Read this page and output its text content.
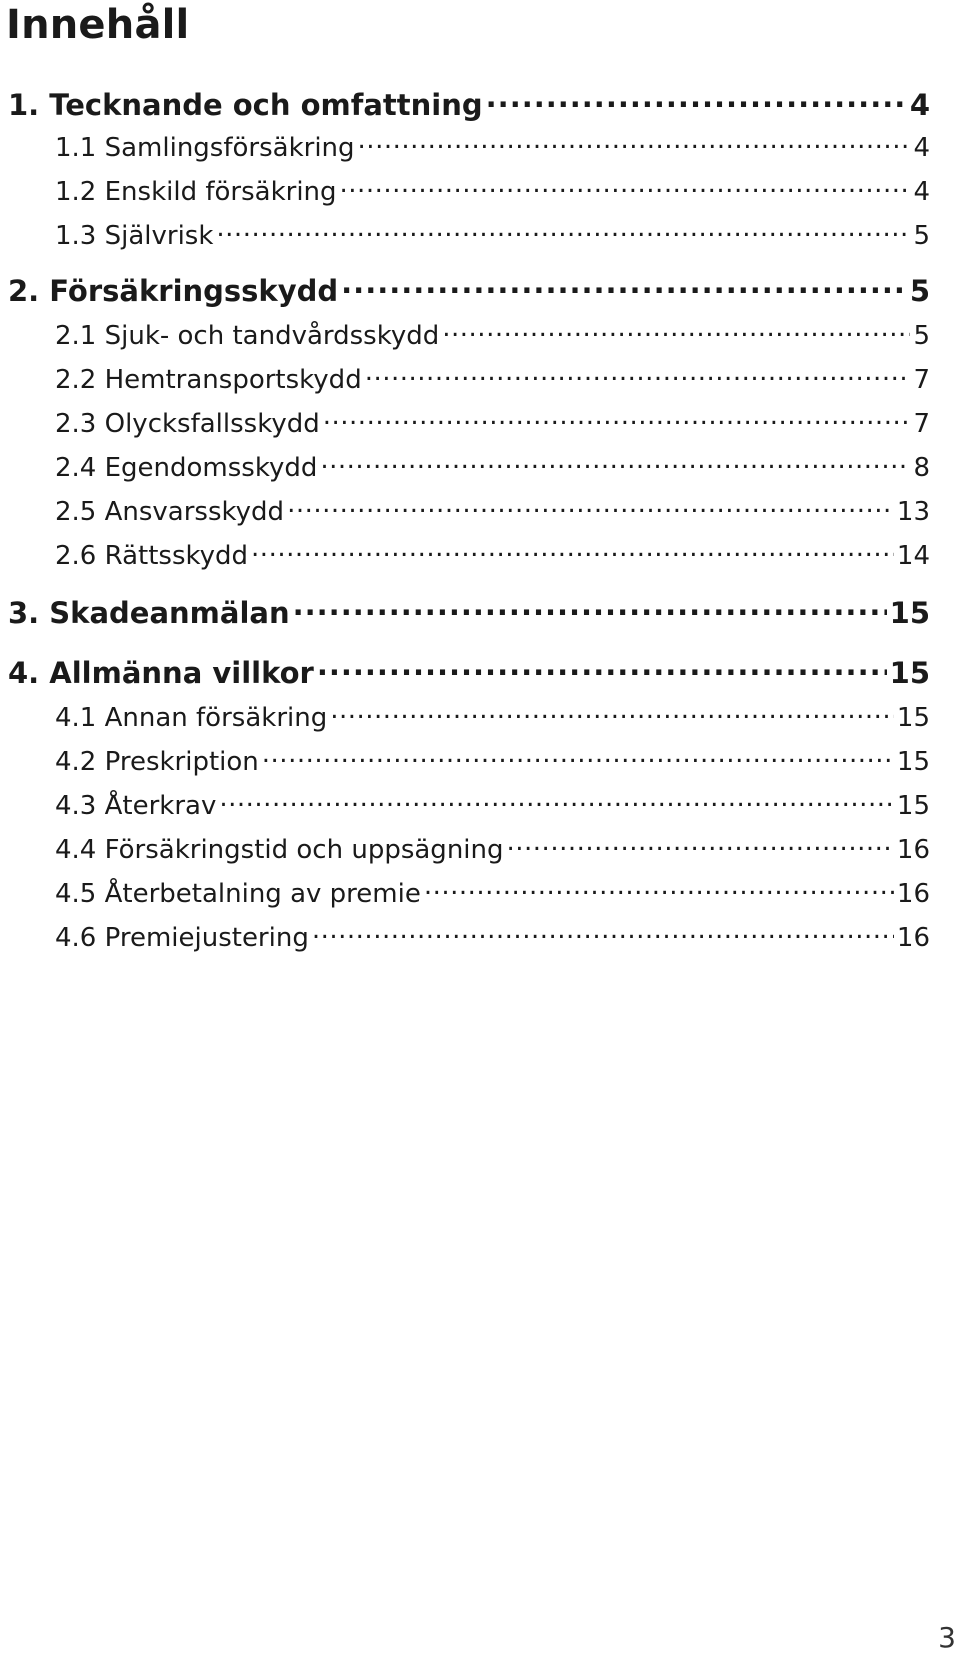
Innehåll
1. Tecknande och omfattning .....	4
1.1 Samlingsförsäkring .....	4
1.2 Enskild försäkring .....	4
1.3 Självrisk .....	5
2. Försäkringsskydd .....	5
2.1 Sjuk- och tandvårdsskydd .....	5
2.2 Hemtransportskydd .....	7
2.3 Olycksfallsskydd .....	7
2.4 Egendomsskydd .....	8
2.5 Ansvarsskydd .....	13
2.6 Rättsskydd .....	14
3. Skadeanmälan .....	15
4. Allmänna villkor .....	15
4.1 Annan försäkring .....	15
4.2 Preskription .....	15
4.3 Återkrav .....	15
4.4 Försäkringstid och uppsägning .....	16
4.5 Återbetalning av premie .....	16
4.6 Premiejustering .....	16
3
